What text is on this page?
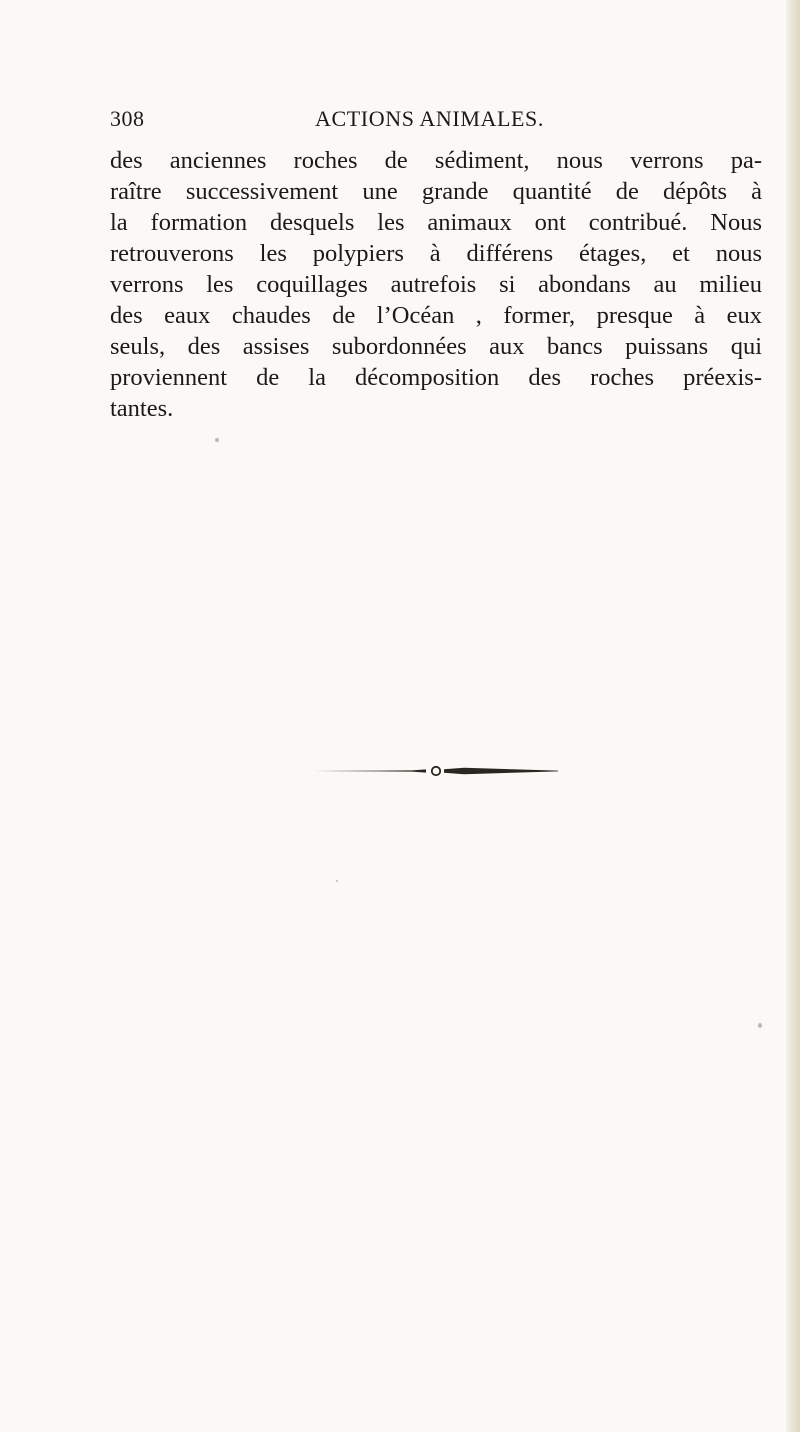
308	ACTIONS ANIMALES.
des anciennes roches de sédiment, nous verrons pa-
raître successivement une grande quantité de dépôts à
la formation desquels les animaux ont contribué. Nous
retrouverons les polypiers à différens étages, et nous
verrons les coquillages autrefois si abondans au milieu
des eaux chaudes de l’Océan , former, presque à eux
seuls, des assises subordonnées aux bancs puissans qui
proviennent de la décomposition des roches préexis-
tantes.
